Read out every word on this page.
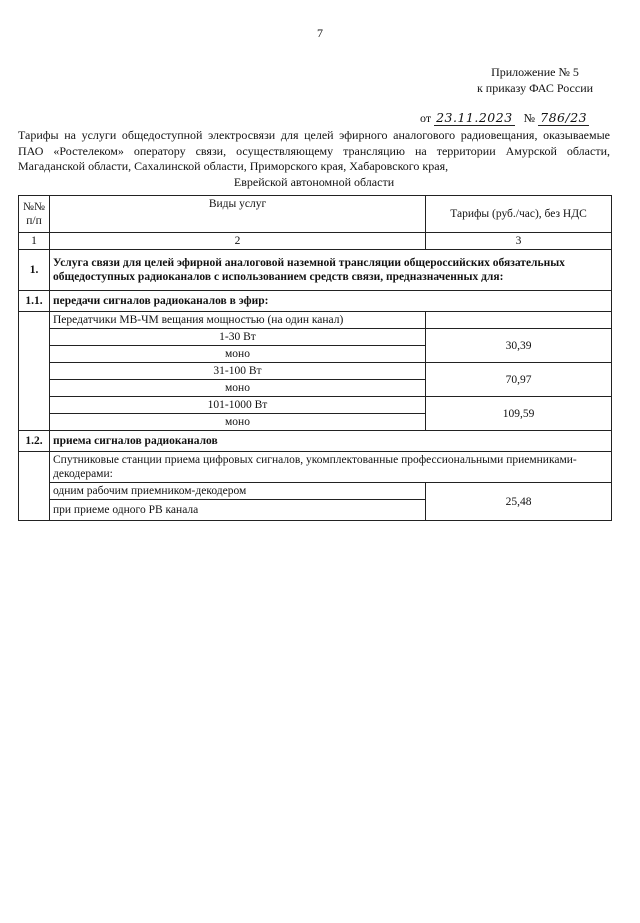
7
Приложение № 5
к приказу ФАС России
от 23.11.2023 № 786/23
Тарифы на услуги общедоступной электросвязи для целей эфирного аналогового радиовещания, оказываемые ПАО «Ростелеком» оператору связи, осуществляющему трансляцию на территории Амурской области, Магаданской области, Сахалинской области, Приморского края, Хабаровского края,
Еврейской автономной области
№№ п/п	Виды услуг	Тарифы (руб./час), без НДС
1	2	3
1.	Услуга связи для целей эфирной аналоговой наземной трансляции общероссийских обязательных общедоступных радиоканалов с использованием средств связи, предназначенных для:	
1.1.	передачи сигналов радиоканалов в эфир:	
	Передатчики МВ-ЧМ вещания мощностью (на один канал)	
	1-30 Вт	30,39
	моно	
	31-100 Вт	70,97
	моно	
	101-1000 Вт	109,59
	моно	
1.2.	приема сигналов радиоканалов	
	Спутниковые станции приема цифровых сигналов, укомплектованные профессиональными приемниками-декодерами:	
	одним рабочим приемником-декодером	25,48
	при приеме одного РВ канала	
